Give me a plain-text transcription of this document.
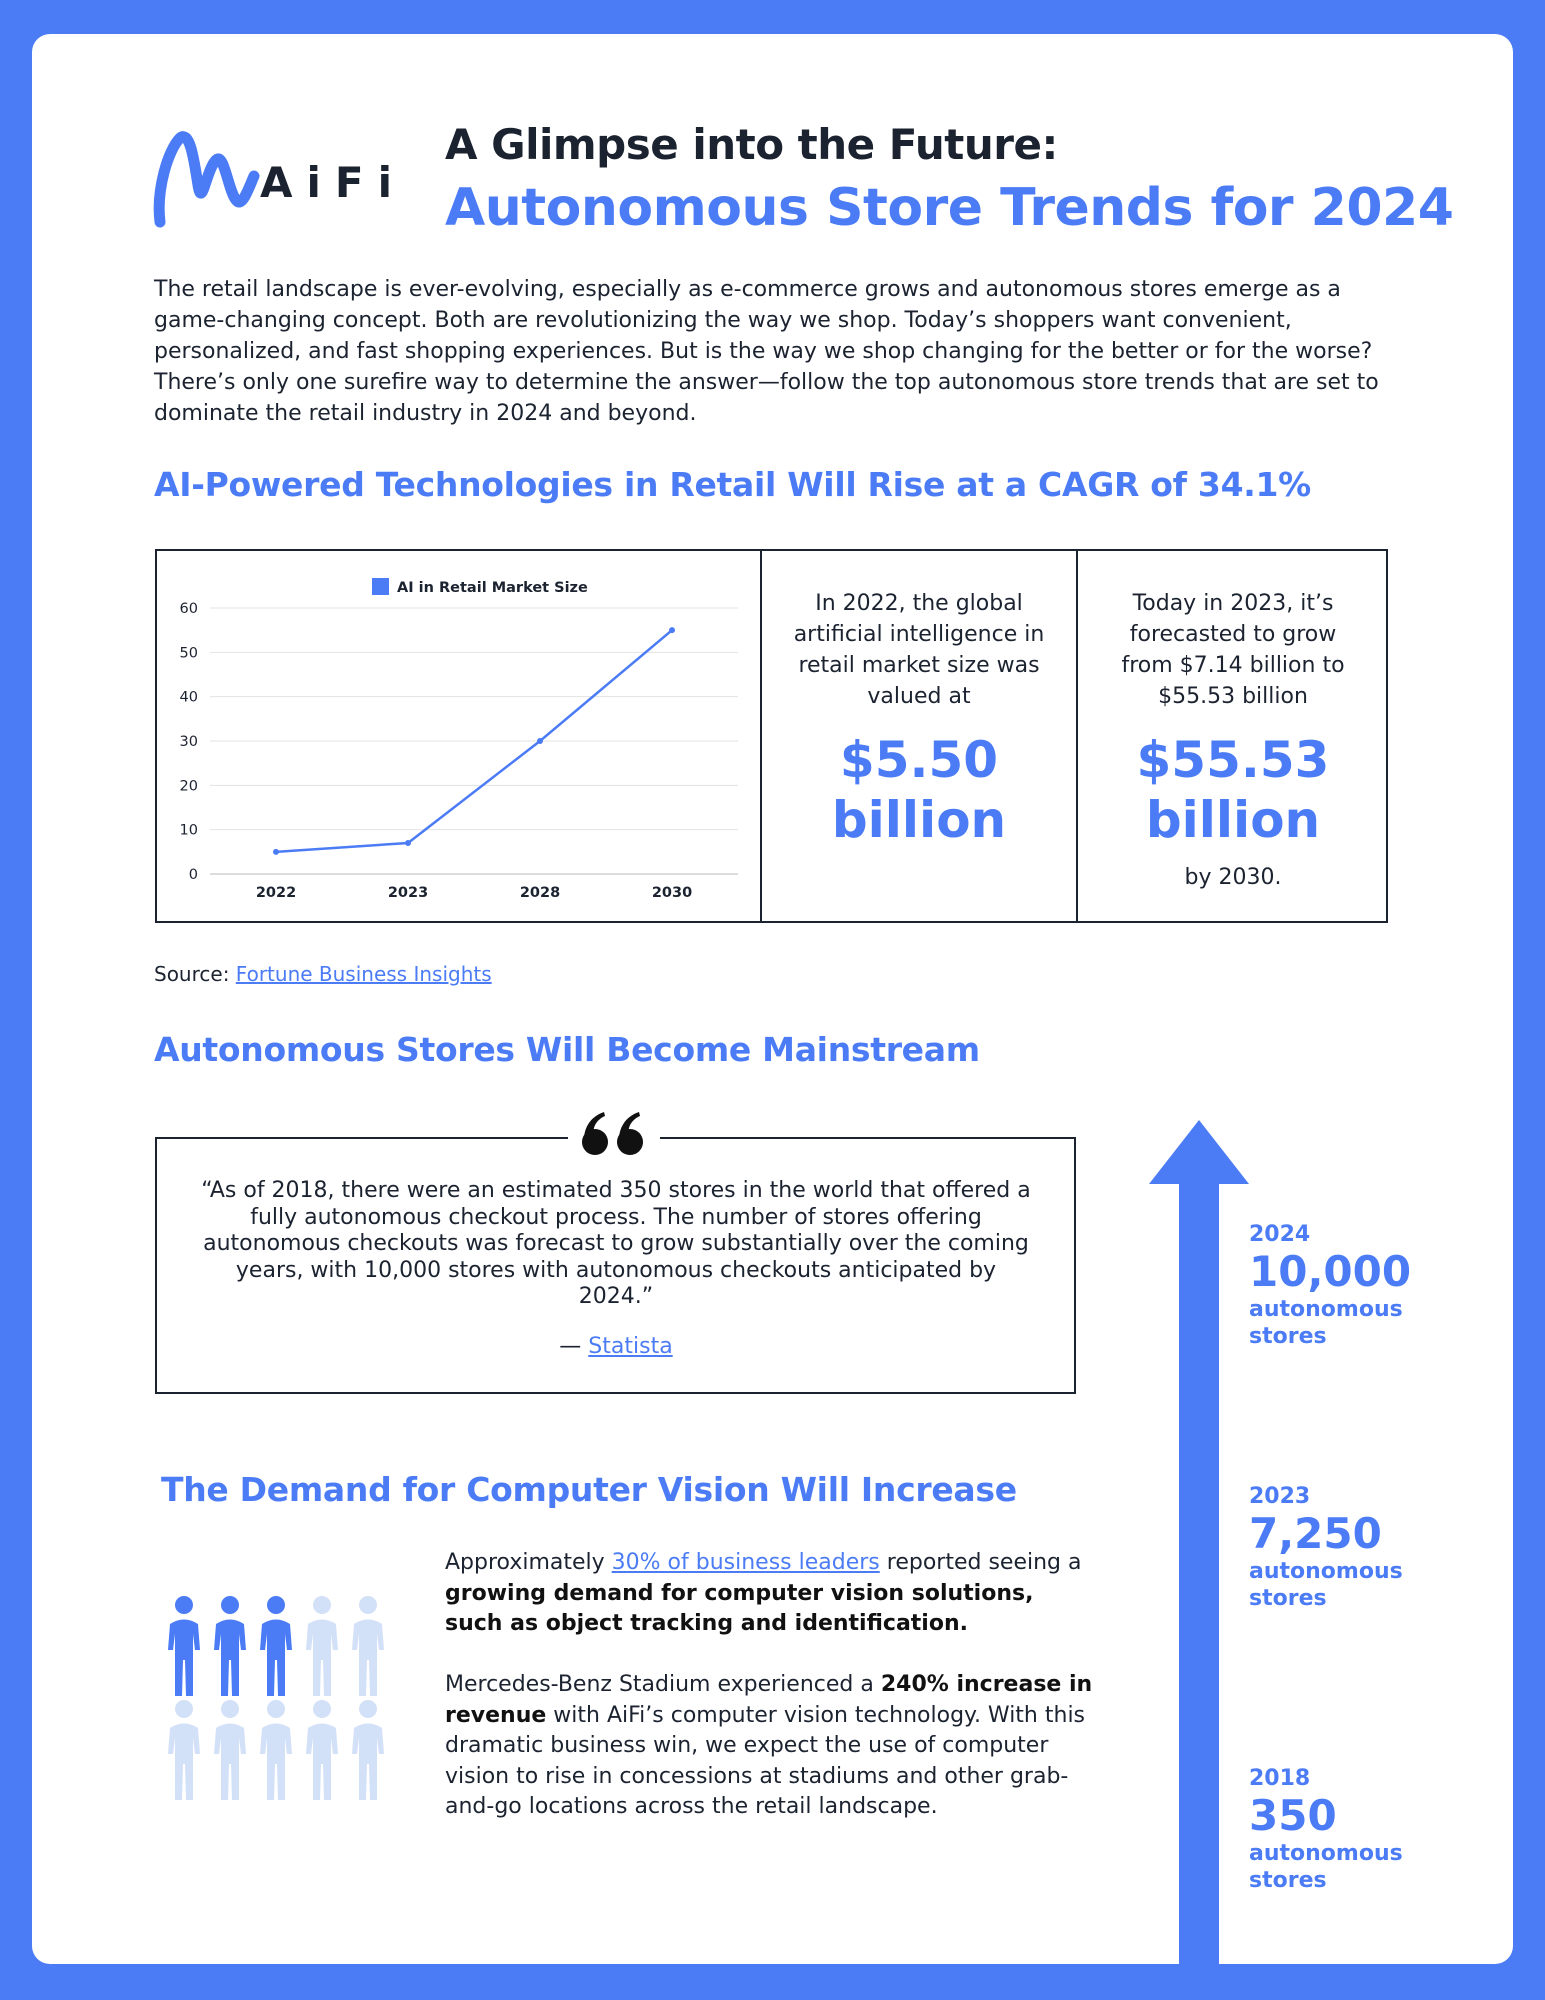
AiFi
A Glimpse into the Future:
Autonomous Store Trends for 2024

The retail landscape is ever-evolving, especially as e-commerce grows and autonomous stores emerge as a game-changing concept. Both are revolutionizing the way we shop. Today’s shoppers want convenient, personalized, and fast shopping experiences. But is the way we shop changing for the better or for the worse? There’s only one surefire way to determine the answer—follow the top autonomous store trends that are set to dominate the retail industry in 2024 and beyond.

AI-Powered Technologies in Retail Will Rise at a CAGR of 34.1%
AI in Retail Market Size
0
10
20
30
40
50
60
2022	2023	2028	2030
In 2022, the global artificial intelligence in retail market size was valued at
$5.50
billion
Today in 2023, it’s forecasted to grow from $7.14 billion to $55.53 billion
$55.53
billion
by 2030.
Source: Fortune Business Insights
Autonomous Stores Will Become Mainstream

“As of 2018, there were an estimated 350 stores in the world that offered a fully autonomous checkout process. The number of stores offering autonomous checkouts was forecast to grow substantially over the coming years, with 10,000 stores with autonomous checkouts anticipated by 2024.”

— Statista
The Demand for Computer Vision Will Increase

Approximately 30% of business leaders reported seeing a growing demand for computer vision solutions, such as object tracking and identification.

Mercedes-Benz Stadium experienced a 240% increase in revenue with AiFi’s computer vision technology. With this dramatic business win, we expect the use of computer vision to rise in concessions at stadiums and other grab-and-go locations across the retail landscape.

2024
10,000
autonomous stores
2023
7,250
autonomous stores
2018
350
autonomous stores
